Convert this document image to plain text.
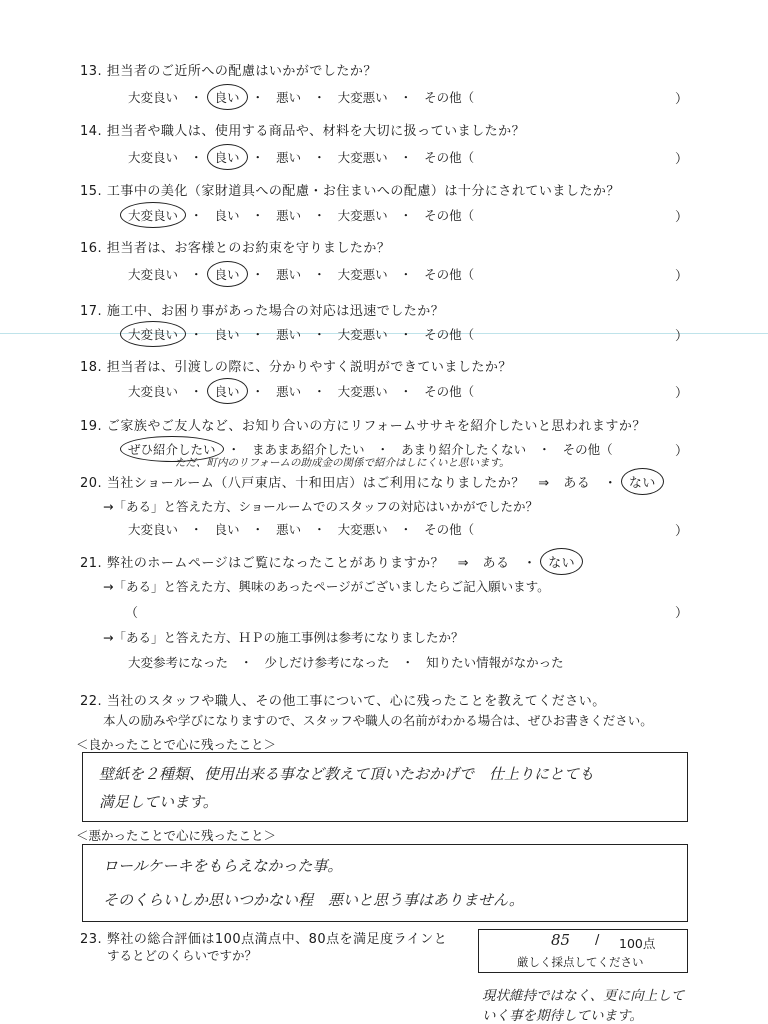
13. 担当者のご近所への配慮はいかがでしたか？
大変良い ・ 良い ・ 悪い ・ 大変悪い ・ その他（	）
14. 担当者や職人は、使用する商品や、材料を大切に扱っていましたか？
大変良い ・ 良い ・ 悪い ・ 大変悪い ・ その他（	）
15. 工事中の美化（家財道具への配慮・お住まいへの配慮）は十分にされていましたか？
大変良い ・ 良い ・ 悪い ・ 大変悪い ・ その他（	）
16. 担当者は、お客様とのお約束を守りましたか？
大変良い ・ 良い ・ 悪い ・ 大変悪い ・ その他（	）
17. 施工中、お困り事があった場合の対応は迅速でしたか？
大変良い ・ 良い ・ 悪い ・ 大変悪い ・ その他（	）
18. 担当者は、引渡しの際に、分かりやすく説明ができていましたか？
大変良い ・ 良い ・ 悪い ・ 大変悪い ・ その他（	）
19. ご家族やご友人など、お知り合いの方にリフォームササキを紹介したいと思われますか？
ぜひ紹介したい ・ まあまあ紹介したい ・ あまり紹介したくない ・ その他（	）
ただ、町内のリフォームの助成金の関係で紹介はしにくいと思います。
20. 当社ショールーム（八戸東店、十和田店）はご利用になりましたか？　⇒　ある　・ ない
→「ある」と答えた方、ショールームでのスタッフの対応はいかがでしたか？
大変良い ・ 良い ・ 悪い ・ 大変悪い ・ その他（	）
21. 弊社のホームページはご覧になったことがありますか？　⇒　ある　・ ない
→「ある」と答えた方、興味のあったページがございましたらご記入願います。
（	）
→「ある」と答えた方、ＨＰの施工事例は参考になりましたか？
大変参考になった ・ 少しだけ参考になった ・ 知りたい情報がなかった
22. 当社のスタッフや職人、その他工事について、心に残ったことを教えてください。
本人の励みや学びになりますので、スタッフや職人の名前がわかる場合は、ぜひお書きください。
＜良かったことで心に残ったこと＞
壁紙を２種類、使用出来る事など教えて頂いたおかげで　仕上りにとても
満足しています。
＜悪かったことで心に残ったこと＞
ロールケーキをもらえなかった事。
そのくらいしか思いつかない程　悪いと思う事はありません。
23. 弊社の総合評価は100点満点中、80点を満足度ラインと
するとどのくらいですか？
85 / 100点
厳しく採点してください
現状維持ではなく、更に向上して
いく事を期待しています。
